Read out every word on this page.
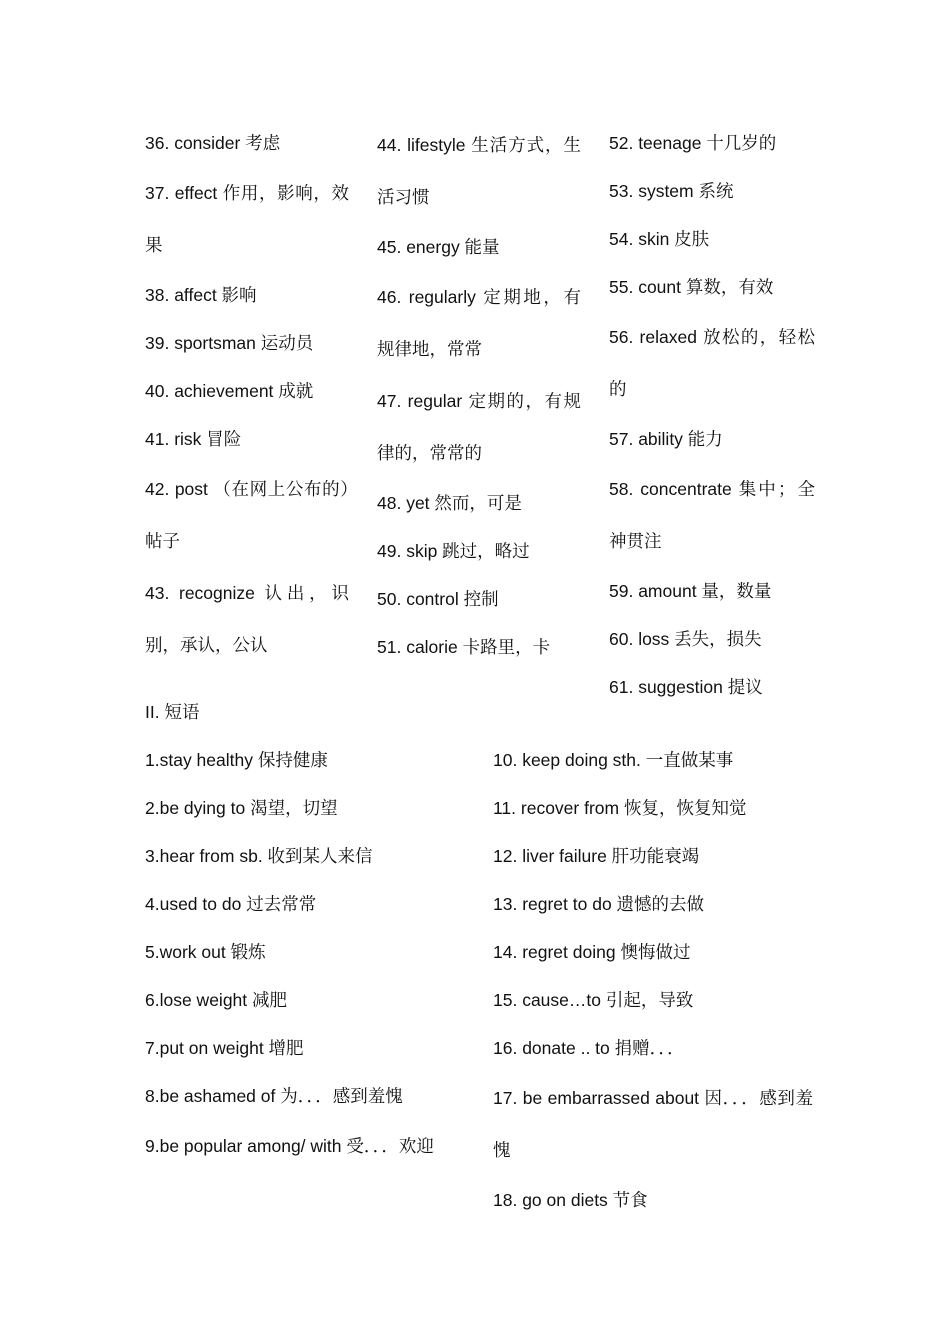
36. consider 考虑

37. effect 作用，影响，效果

38. affect 影响

39. sportsman 运动员

40. achievement 成就

41. risk 冒险

42. post （在网上公布的）帖子

43. recognize 认出，识别，承认，公认

44. lifestyle 生活方式，生活习惯

45. energy 能量

46. regularly 定期地，有规律地，常常

47. regular 定期的，有规律的，常常的

48. yet 然而，可是

49. skip 跳过，略过

50. control 控制

51. calorie 卡路里，卡

52. teenage 十几岁的

53. system 系统

54. skin 皮肤

55. count 算数，有效

56. relaxed 放松的，轻松的

57. ability 能力

58. concentrate 集中；全神贯注

59. amount 量，数量

60. loss 丢失，损失

61. suggestion 提议

II. 短语

1.stay healthy 保持健康

2.be dying to 渴望，切望

3.hear from sb. 收到某人来信

4.used to do 过去常常

5.work out 锻炼

6.lose weight 减肥

7.put on weight 增肥

8.be ashamed of 为．．．感到羞愧

9.be popular among/ with 受．．．欢迎

10. keep doing sth. 一直做某事

11. recover from 恢复，恢复知觉

12. liver failure 肝功能衰竭

13. regret to do 遗憾的去做

14. regret doing 懊悔做过

15. cause…to 引起，导致

16. donate .. to 捐赠．．．

17. be embarrassed about 因．．．感到羞愧

18. go on diets 节食
